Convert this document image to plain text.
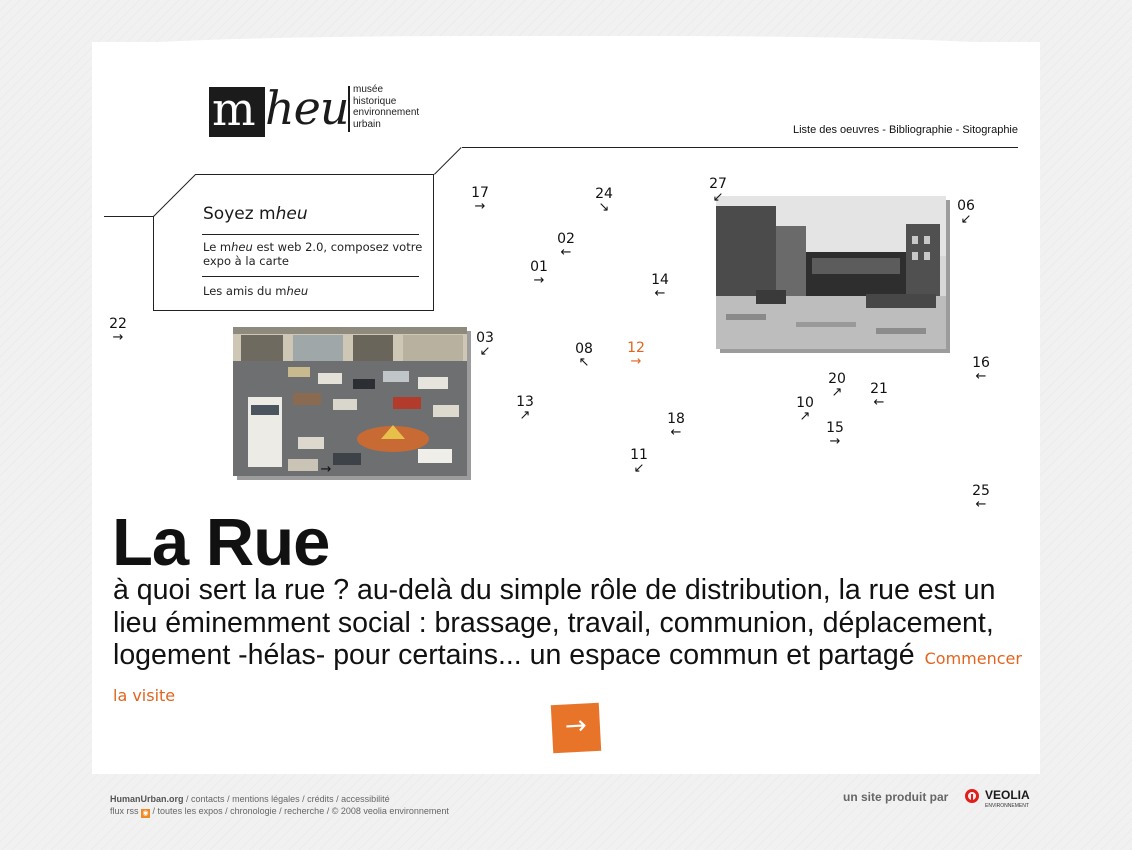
m heu musée
historique
environnement
urbain	Liste des oeuvres - Bibliographie - Sitographie
Soyez mheu
Le mheu est web 2.0, composez votre expo à la carte
Les amis du mheu
17
→
24
↘
27
↙
06
↙
02
←
01
→	14
←
22
→	03
↙	08
↖
12
→	16
←
20
↗	21
←
10
↗
13
↗	18
←	15
→
11
↙
25
←
→
La Rue
à quoi sert la rue ? au-delà du simple rôle de distribution, la rue est un lieu éminemment social : brassage, travail, communion, déplacement, logement -hélas- pour certains... un espace commun et partagé Commencer la visite
→
HumanUrban.org / contacts / mentions légales / crédits / accessibilité
flux rss ◉ / toutes les expos / chronologie / recherche / © 2008 veolia environnement
un site produit par	VEOLIA
ENVIRONNEMENT
